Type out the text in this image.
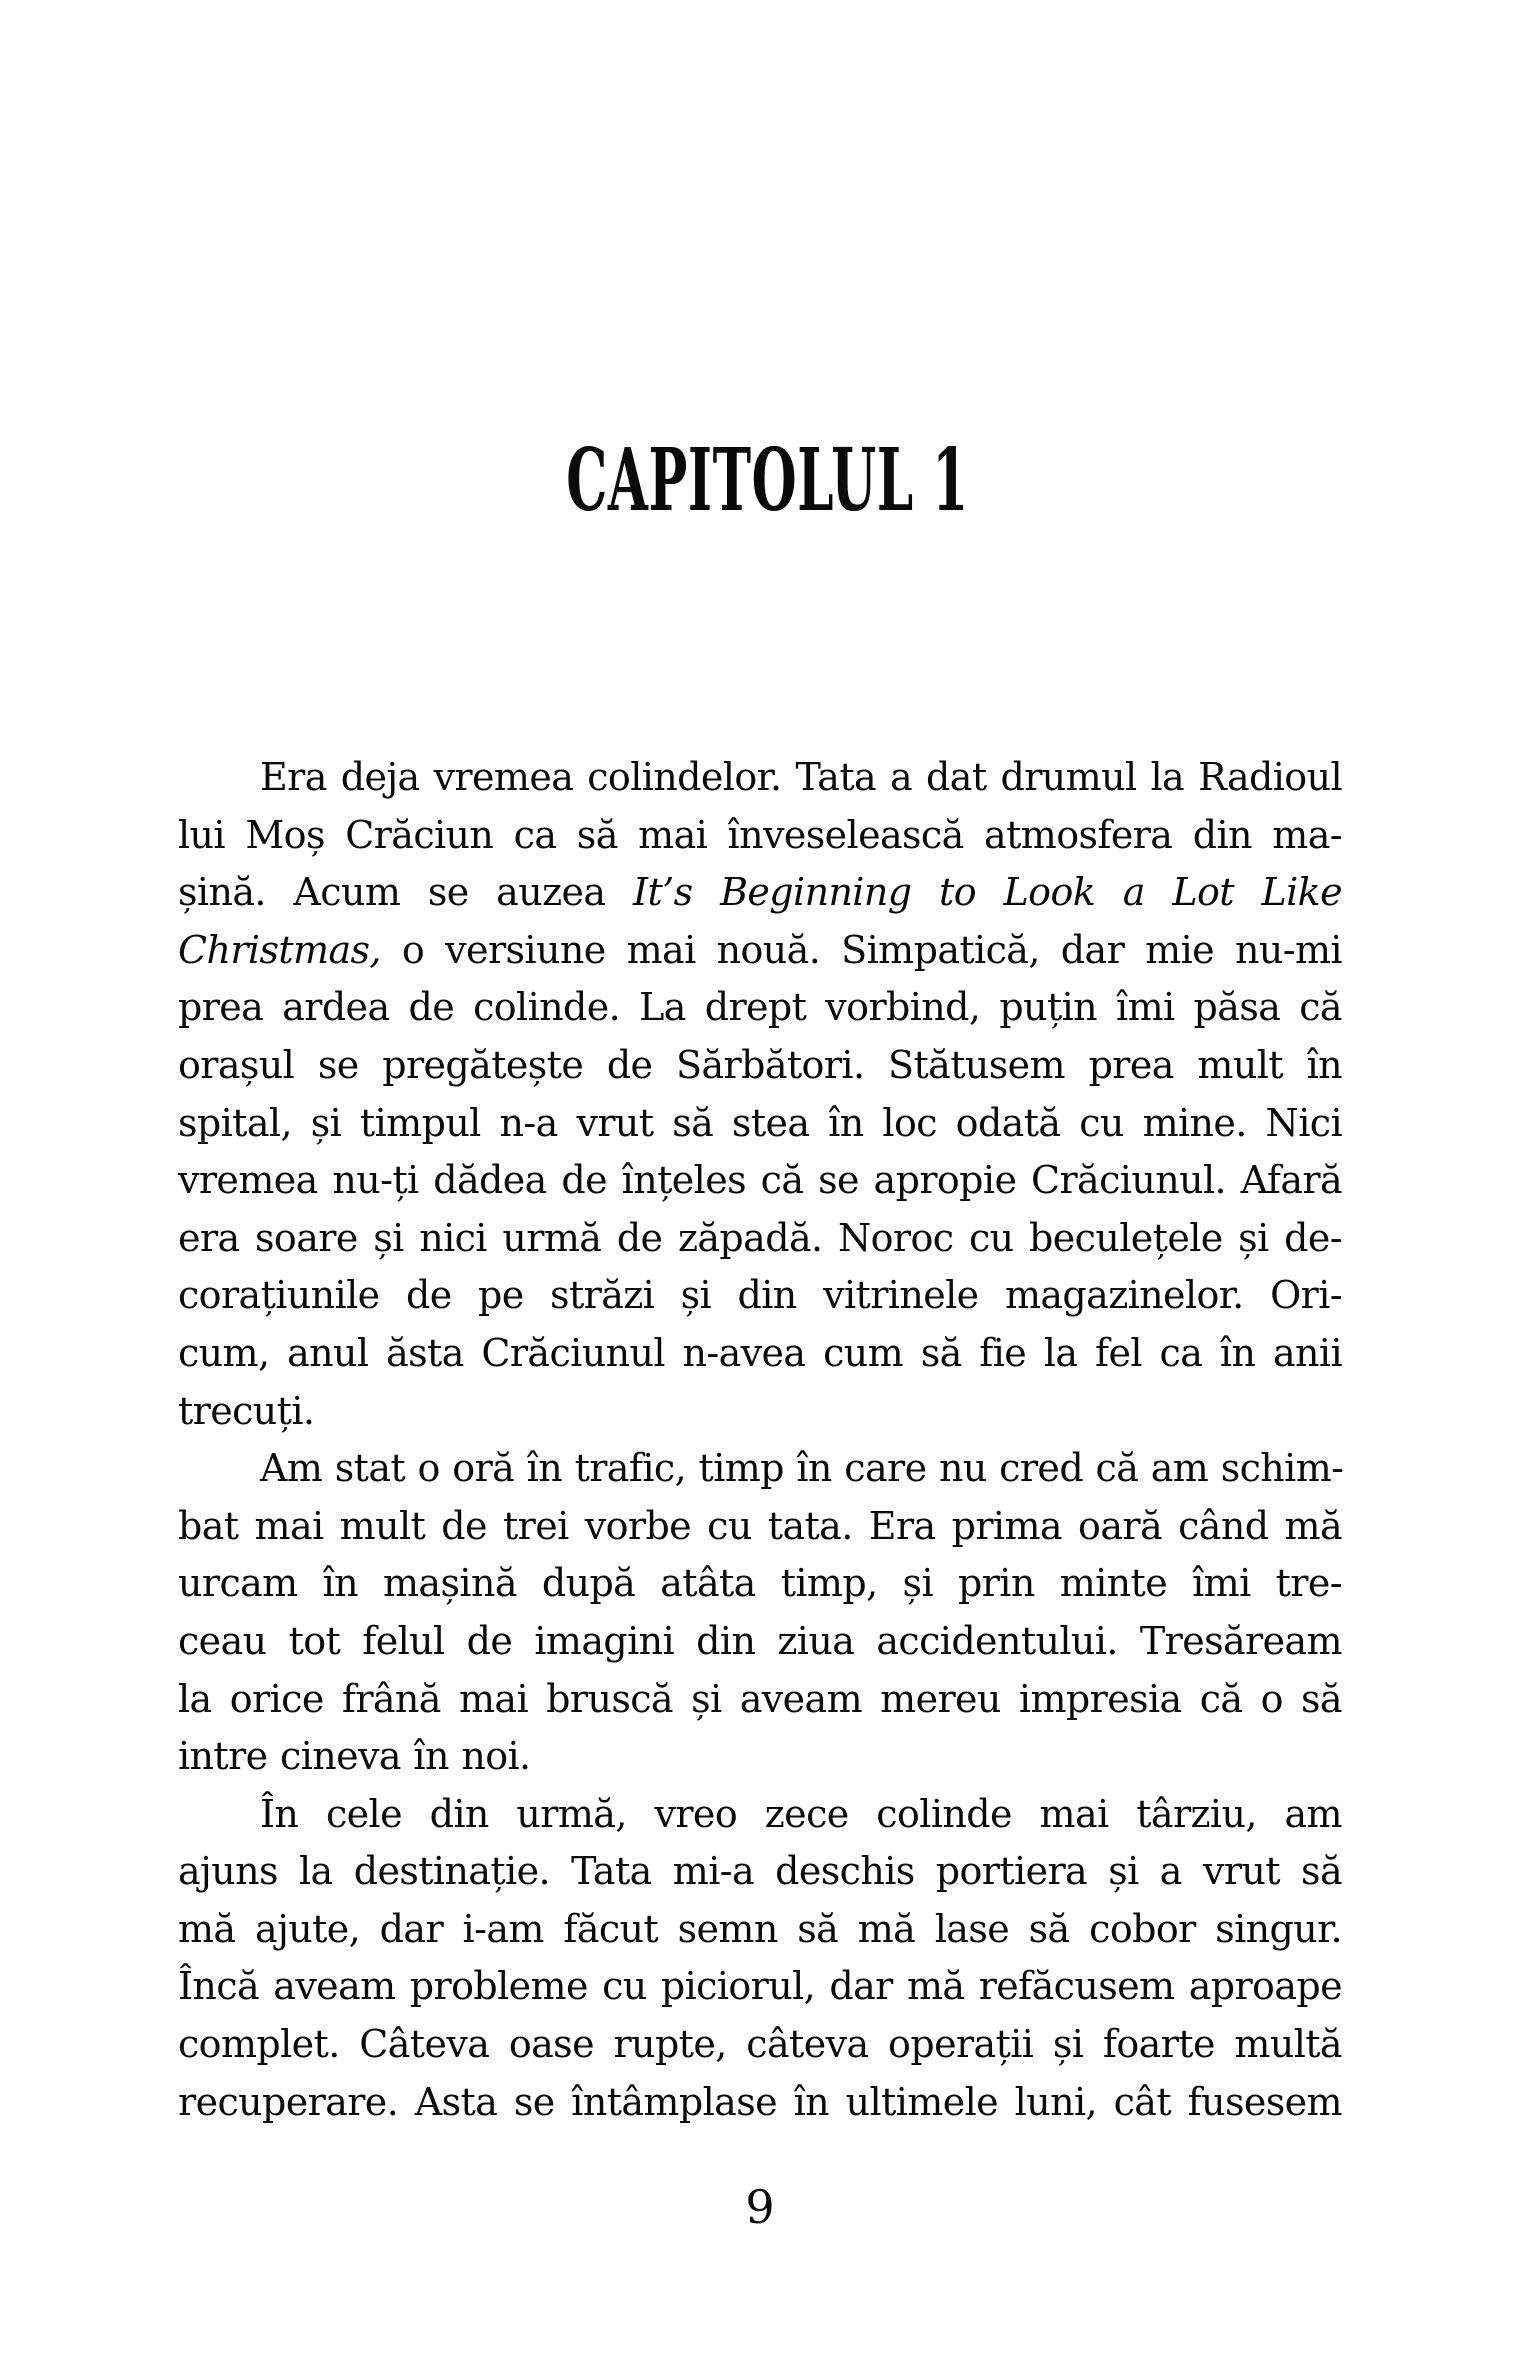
CAPITOLUL 1
Era deja vremea colindelor. Tata a dat drumul la Radioul
lui Moș Crăciun ca să mai înveselească atmosfera din ma-
șină. Acum se auzea It’s Beginning to Look a Lot Like
Christmas, o versiune mai nouă. Simpatică, dar mie nu-mi
prea ardea de colinde. La drept vorbind, puțin îmi păsa că
orașul se pregătește de Sărbători. Stătusem prea mult în
spital, și timpul n-a vrut să stea în loc odată cu mine. Nici
vremea nu-ți dădea de înțeles că se apropie Crăciunul. Afară
era soare și nici urmă de zăpadă. Noroc cu beculețele și de-
corațiunile de pe străzi și din vitrinele magazinelor. Ori-
cum, anul ăsta Crăciunul n-avea cum să fie la fel ca în anii
trecuți.
Am stat o oră în trafic, timp în care nu cred că am schim-
bat mai mult de trei vorbe cu tata. Era prima oară când mă
urcam în mașină după atâta timp, și prin minte îmi tre-
ceau tot felul de imagini din ziua accidentului. Tresăream
la orice frână mai bruscă și aveam mereu impresia că o să
intre cineva în noi.
În cele din urmă, vreo zece colinde mai târziu, am
ajuns la destinație. Tata mi-a deschis portiera și a vrut să
mă ajute, dar i-am făcut semn să mă lase să cobor singur.
Încă aveam probleme cu piciorul, dar mă refăcusem aproape
complet. Câteva oase rupte, câteva operații și foarte multă
recuperare. Asta se întâmplase în ultimele luni, cât fusesem
9
